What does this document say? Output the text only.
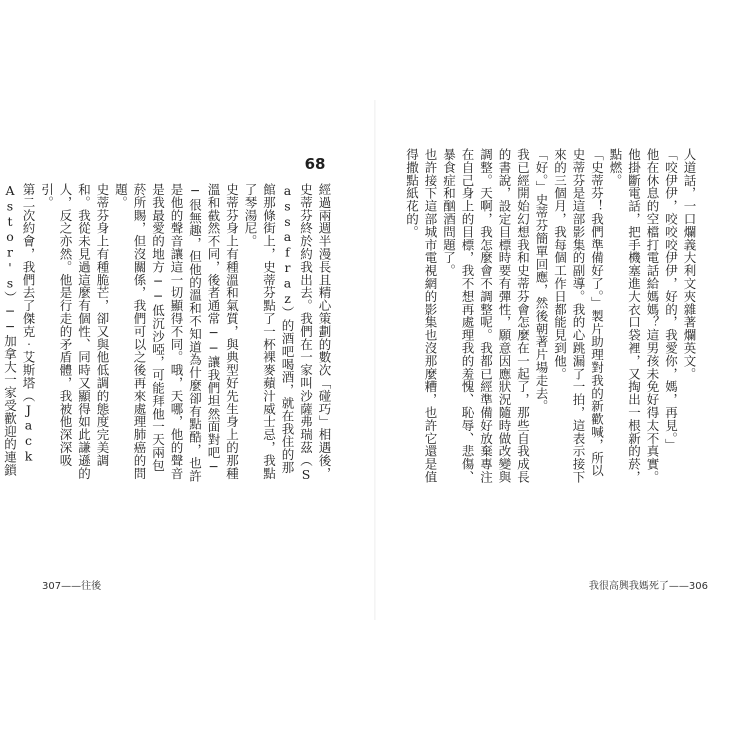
68

經過兩週半漫長且精心策劃的數次「碰巧」相遇後，史蒂芬終於約我出去。我們在一家叫沙薩弗瑞茲（Sassafraz）的酒吧喝酒，就在我住的那館那條街上，史蒂芬點了一杯裸麥蘋汁威士忌，我點了琴湯尼。

史蒂芬身上有種溫和氣質，與典型好先生身上的那種溫和截然不同，後者通常──讓我們坦然面對吧──很無趣，但他的溫和不知道為什麼卻有點酷，也許是他的聲音讓這一切顯得不同。哦，天哪，他的聲音是我最愛的地方──低沉沙啞，可能拜他一天兩包菸所賜，但沒關係，我們可以之後再來處理肺癌的問題。

史蒂芬身上有種脆芒，卻又與他低調的態度完美調和。我從未見過這麼有個性、同時又顯得如此謙遜的人，反之亦然。他是行走的矛盾體，我被他深深吸引。

第二次約會，我們去了傑克‧艾斯塔（Jack Astor's）──加拿大一家受歡迎的連鎖

307——往後

人道話，一口爛義大利文夾雜著爛英文。

「咬伊伊，咬咬咬伊伊，好的，我愛你，媽，再見。」

他在休息的空檔打電話給媽媽？這男孩未免好得太不真實。他掛斷電話，把手機塞進大衣口袋裡，又掏出一根新的菸，點燃。

「史蒂芬！我們準備好了。」製片助理對我的新歡喊，所以史蒂芬是這部影集的副導。我的心跳漏了一拍，這表示接下來的三個月，我每個工作日都能見到他。

「好。」史蒂芬簡單回應，然後朝著片場走去。

我已經開始幻想我和史蒂芬會怎麼在一起了，那些自我成長的書說，設定目標時要有彈性，願意因應狀況隨時做改變與調整。天啊，我怎麼會不調整呢。我都已經準備好放棄專注在自己身上的目標，我不想再處理我的羞愧、恥辱、悲傷、暴食症和酗酒問題了。

也許接下這部城市電視網的影集也沒那麼糟，也許它還是值得撒點紙花的。

我很高興我媽死了——306
